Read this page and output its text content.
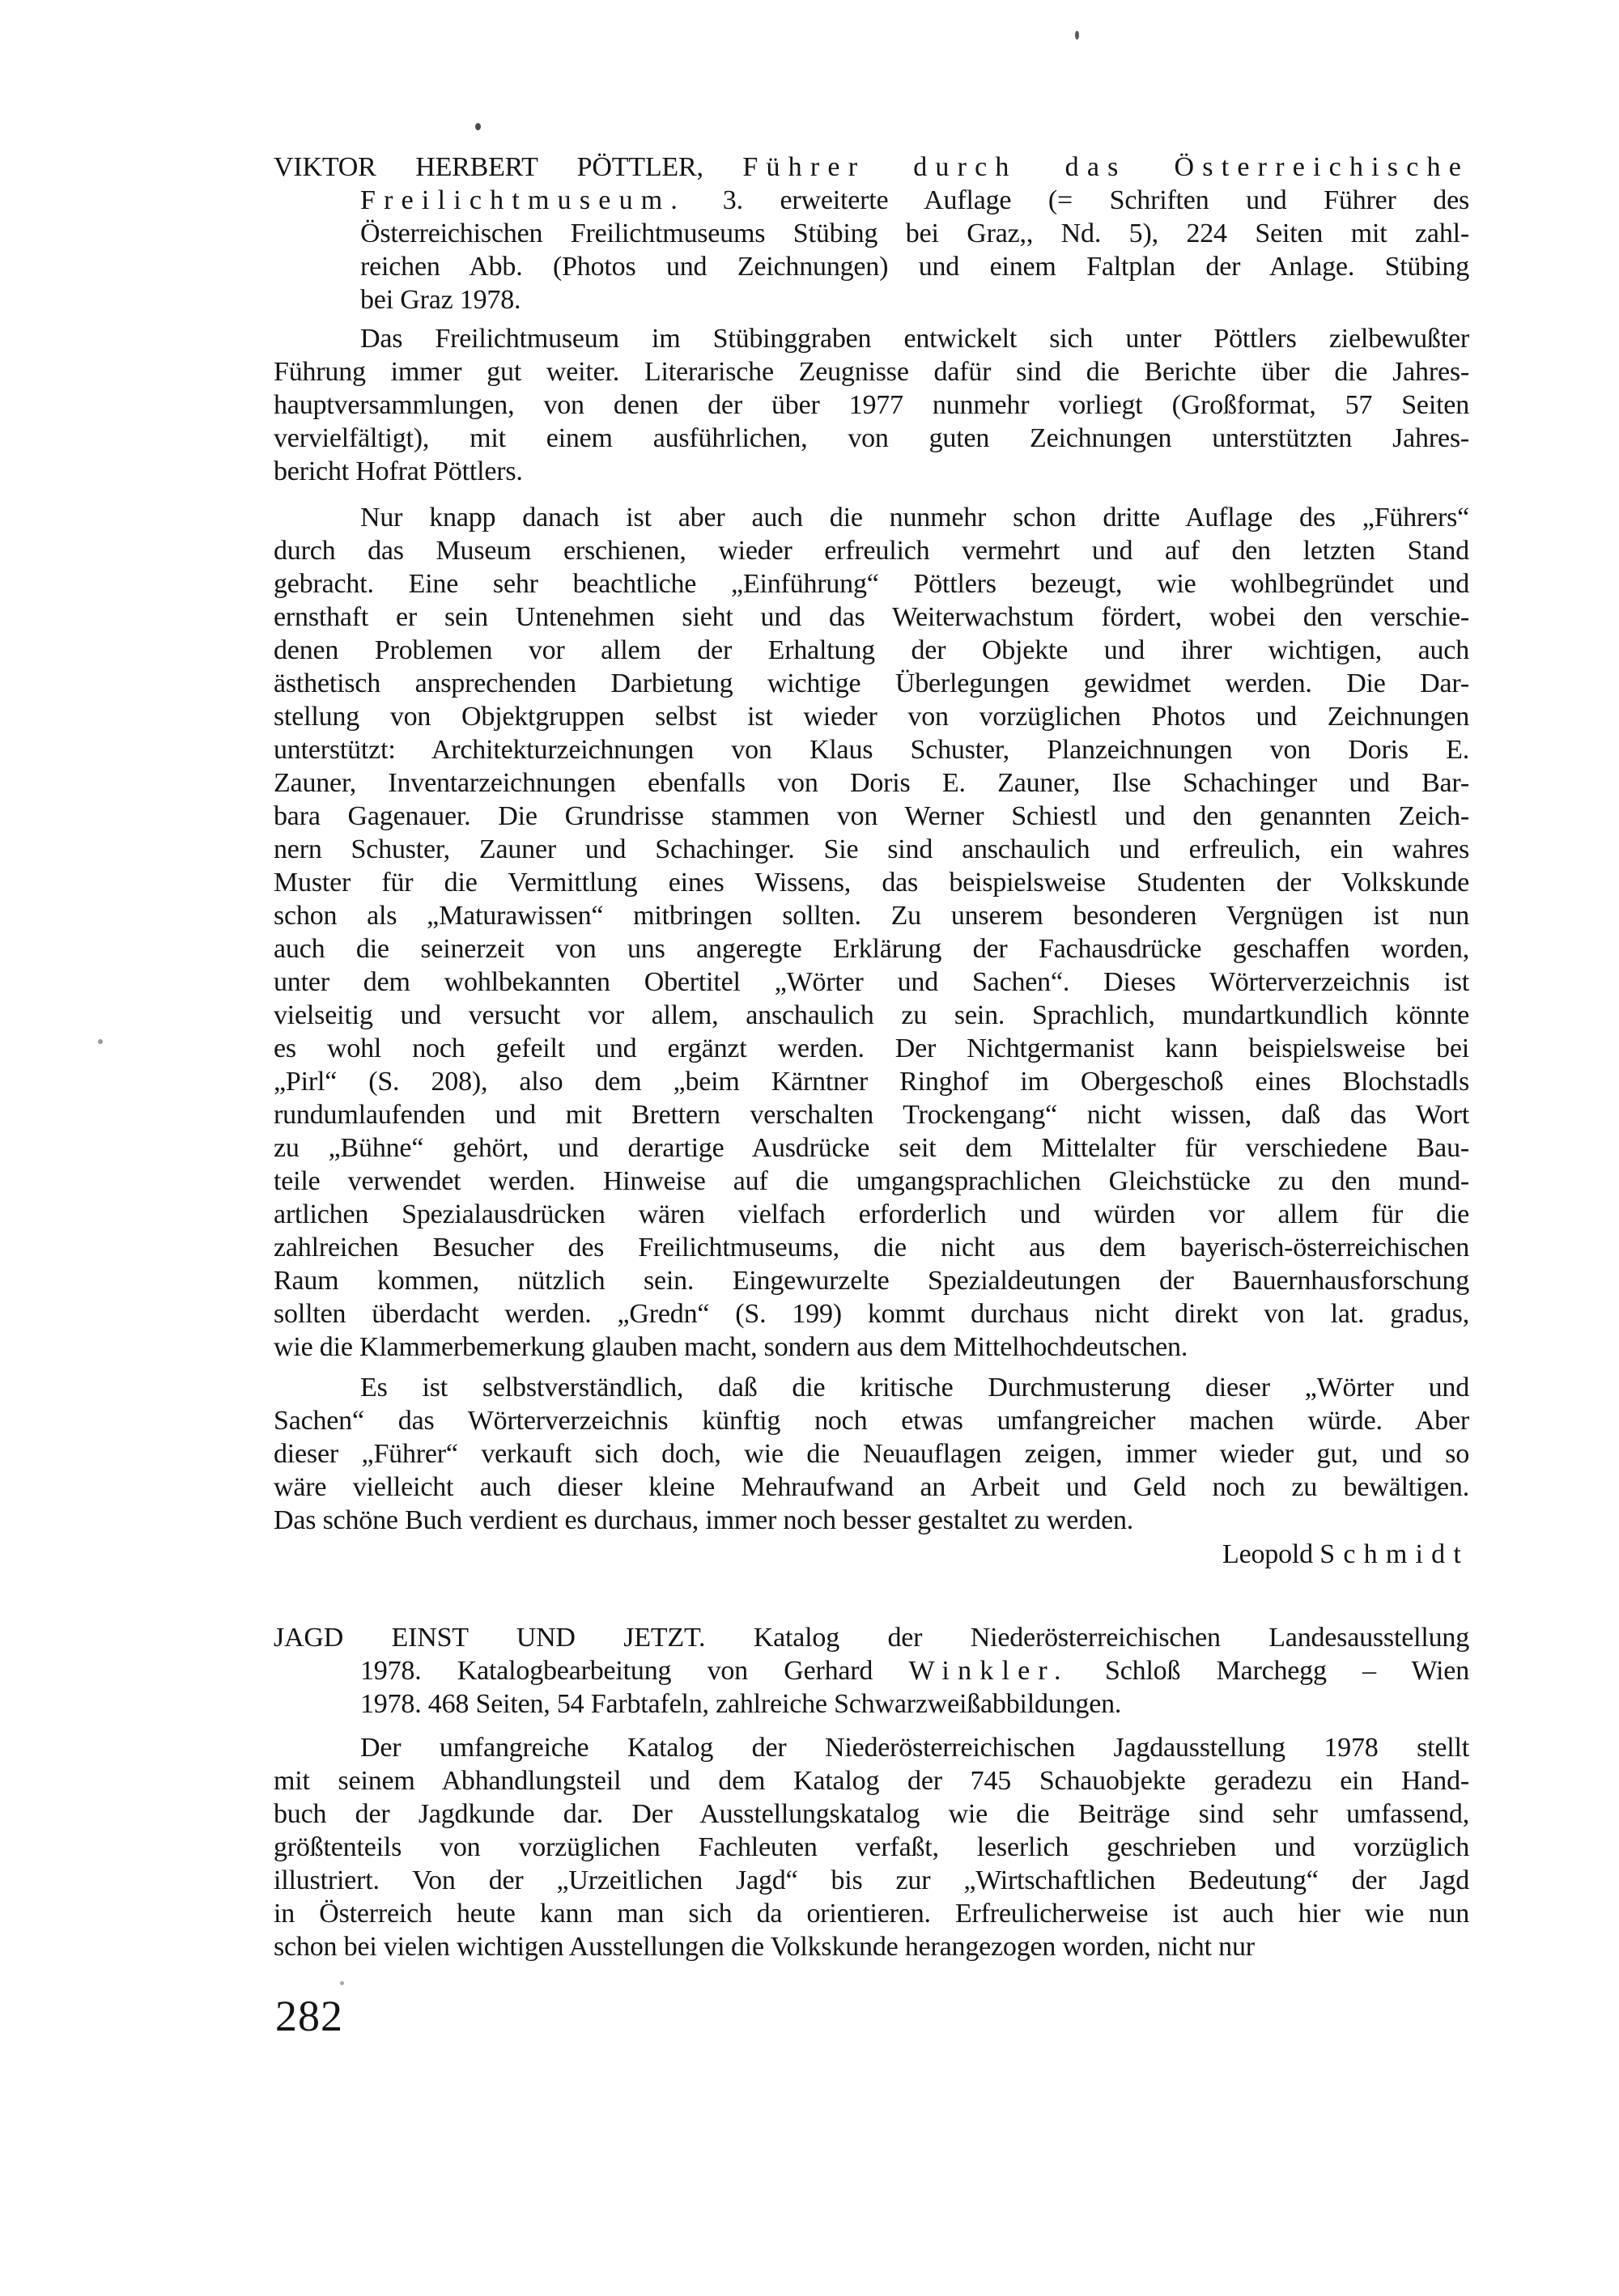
VIKTOR HERBERT PÖTTLER, Führer durch das Österreichische
Freilichtmuseum. 3. erweiterte Auflage (= Schriften und Führer des
Österreichischen Freilichtmuseums Stübing bei Graz,, Nd. 5), 224 Seiten mit zahl-
reichen Abb. (Photos und Zeichnungen) und einem Faltplan der Anlage. Stübing
bei Graz 1978.
Das Freilichtmuseum im Stübinggraben entwickelt sich unter Pöttlers zielbewußter
Führung immer gut weiter. Literarische Zeugnisse dafür sind die Berichte über die Jahres-
hauptversammlungen, von denen der über 1977 nunmehr vorliegt (Großformat, 57 Seiten
vervielfältigt), mit einem ausführlichen, von guten Zeichnungen unterstützten Jahres-
bericht Hofrat Pöttlers.
Nur knapp danach ist aber auch die nunmehr schon dritte Auflage des „Führers“
durch das Museum erschienen, wieder erfreulich vermehrt und auf den letzten Stand
gebracht. Eine sehr beachtliche „Einführung“ Pöttlers bezeugt, wie wohlbegründet und
ernsthaft er sein Untenehmen sieht und das Weiterwachstum fördert, wobei den verschie-
denen Problemen vor allem der Erhaltung der Objekte und ihrer wichtigen, auch
ästhetisch ansprechenden Darbietung wichtige Überlegungen gewidmet werden. Die Dar-
stellung von Objektgruppen selbst ist wieder von vorzüglichen Photos und Zeichnungen
unterstützt: Architekturzeichnungen von Klaus Schuster, Planzeichnungen von Doris E.
Zauner, Inventarzeichnungen ebenfalls von Doris E. Zauner, Ilse Schachinger und Bar-
bara Gagenauer. Die Grundrisse stammen von Werner Schiestl und den genannten Zeich-
nern Schuster, Zauner und Schachinger. Sie sind anschaulich und erfreulich, ein wahres
Muster für die Vermittlung eines Wissens, das beispielsweise Studenten der Volkskunde
schon als „Maturawissen“ mitbringen sollten. Zu unserem besonderen Vergnügen ist nun
auch die seinerzeit von uns angeregte Erklärung der Fachausdrücke geschaffen worden,
unter dem wohlbekannten Obertitel „Wörter und Sachen“. Dieses Wörterverzeichnis ist
vielseitig und versucht vor allem, anschaulich zu sein. Sprachlich, mundartkundlich könnte
es wohl noch gefeilt und ergänzt werden. Der Nichtgermanist kann beispielsweise bei
„Pirl“ (S. 208), also dem „beim Kärntner Ringhof im Obergeschoß eines Blochstadls
rundumlaufenden und mit Brettern verschalten Trockengang“ nicht wissen, daß das Wort
zu „Bühne“ gehört, und derartige Ausdrücke seit dem Mittelalter für verschiedene Bau-
teile verwendet werden. Hinweise auf die umgangsprachlichen Gleichstücke zu den mund-
artlichen Spezialausdrücken wären vielfach erforderlich und würden vor allem für die
zahlreichen Besucher des Freilichtmuseums, die nicht aus dem bayerisch-österreichischen
Raum kommen, nützlich sein. Eingewurzelte Spezialdeutungen der Bauernhausforschung
sollten überdacht werden. „Gredn“ (S. 199) kommt durchaus nicht direkt von lat. gradus,
wie die Klammerbemerkung glauben macht, sondern aus dem Mittelhochdeutschen.
Es ist selbstverständlich, daß die kritische Durchmusterung dieser „Wörter und
Sachen“ das Wörterverzeichnis künftig noch etwas umfangreicher machen würde. Aber
dieser „Führer“ verkauft sich doch, wie die Neuauflagen zeigen, immer wieder gut, und so
wäre vielleicht auch dieser kleine Mehraufwand an Arbeit und Geld noch zu bewältigen.
Das schöne Buch verdient es durchaus, immer noch besser gestaltet zu werden.
Leopold Schmidt
JAGD EINST UND JETZT. Katalog der Niederösterreichischen Landesausstellung
1978. Katalogbearbeitung von Gerhard Winkler. Schloß Marchegg – Wien
1978. 468 Seiten, 54 Farbtafeln, zahlreiche Schwarzweißabbildungen.
Der umfangreiche Katalog der Niederösterreichischen Jagdausstellung 1978 stellt
mit seinem Abhandlungsteil und dem Katalog der 745 Schauobjekte geradezu ein Hand-
buch der Jagdkunde dar. Der Ausstellungskatalog wie die Beiträge sind sehr umfassend,
größtenteils von vorzüglichen Fachleuten verfaßt, leserlich geschrieben und vorzüglich
illustriert. Von der „Urzeitlichen Jagd“ bis zur „Wirtschaftlichen Bedeutung“ der Jagd
in Österreich heute kann man sich da orientieren. Erfreulicherweise ist auch hier wie nun
schon bei vielen wichtigen Ausstellungen die Volkskunde herangezogen worden, nicht nur
282
